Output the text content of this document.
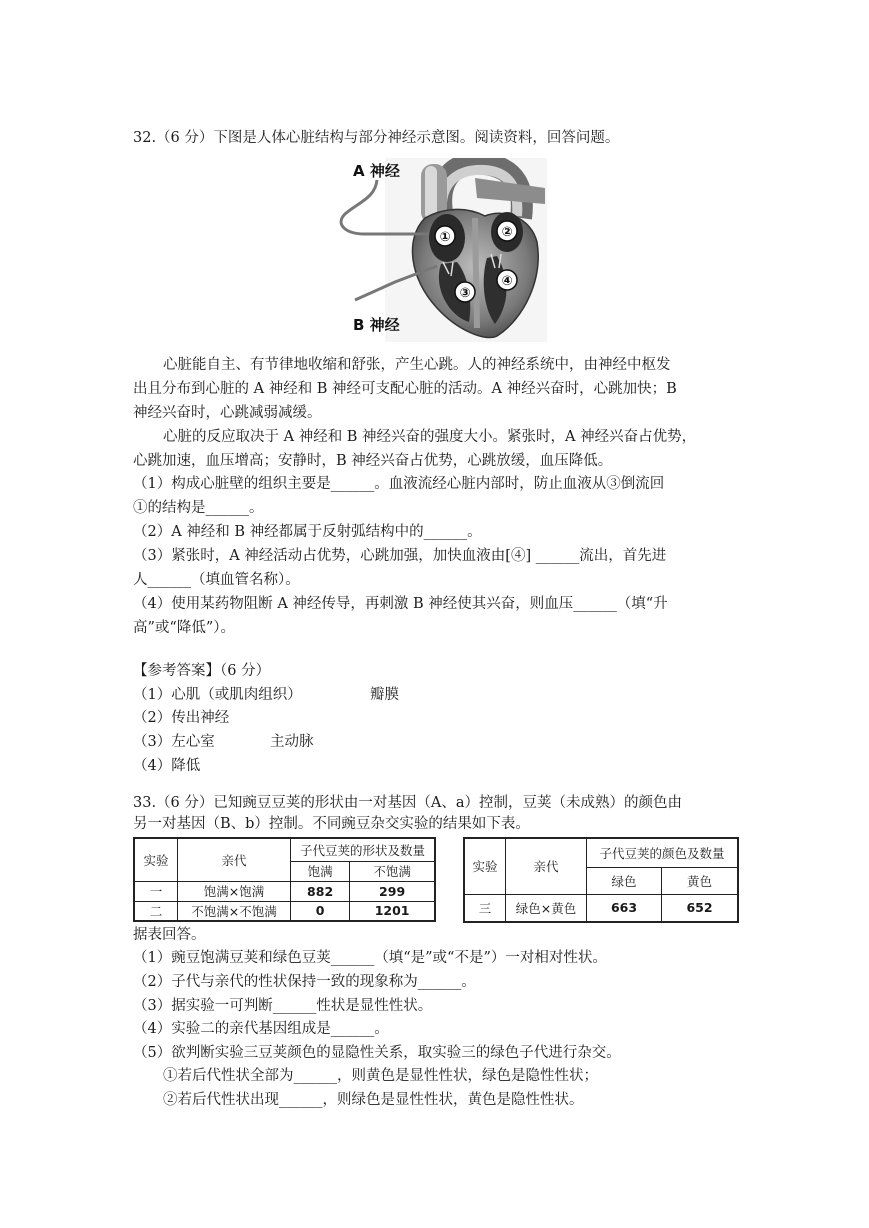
32.（6 分）下图是人体心脏结构与部分神经示意图。阅读资料，回答问题。
A 神经
B 神经
①	②
③
④
心脏能自主、有节律地收缩和舒张，产生心跳。人的神经系统中，由神经中枢发
出且分布到心脏的 A 神经和 B 神经可支配心脏的活动。A 神经兴奋时，心跳加快；B
神经兴奋时，心跳减弱减缓。
心脏的反应取决于 A 神经和 B 神经兴奋的强度大小。紧张时，A 神经兴奋占优势，
心跳加速，血压增高；安静时，B 神经兴奋占优势，心跳放缓，血压降低。
（1）构成心脏壁的组织主要是______。血液流经心脏内部时，防止血液从③倒流回
①的结构是______。
（2）A 神经和 B 神经都属于反射弧结构中的______。
（3）紧张时，A 神经活动占优势，心跳加强，加快血液由[④] ______流出，首先进
人______（填血管名称）。
（4）使用某药物阻断 A 神经传导，再刺激 B 神经使其兴奋，则血压______（填“升
高”或“降低”）。
【参考答案】（6 分）
（1）心肌（或肌肉组织）	瓣膜
（2）传出神经
（3）左心室	主动脉
（4）降低
33.（6 分）已知豌豆豆荚的形状由一对基因（A、a）控制，豆荚（未成熟）的颜色由
另一对基因（B、b）控制。不同豌豆杂交实验的结果如下表。
实验	亲代	子代豆荚的形状及数量	
		饱满	不饱满
一	饱满×饱满	882	299
二	不饱满×不饱满	0	1201
实验	亲代	子代豆荚的颜色及数量	
		绿色	黄色
三	绿色×黄色	663	652
据表回答。
（1）豌豆饱满豆荚和绿色豆荚______（填“是”或“不是”）一对相对性状。
（2）子代与亲代的性状保持一致的现象称为______。
（3）据实验一可判断______性状是显性性状。
（4）实验二的亲代基因组成是______。
（5）欲判断实验三豆荚颜色的显隐性关系，取实验三的绿色子代进行杂交。
①若后代性状全部为______，则黄色是显性性状，绿色是隐性性状；
②若后代性状出现______，则绿色是显性性状，黄色是隐性性状。
